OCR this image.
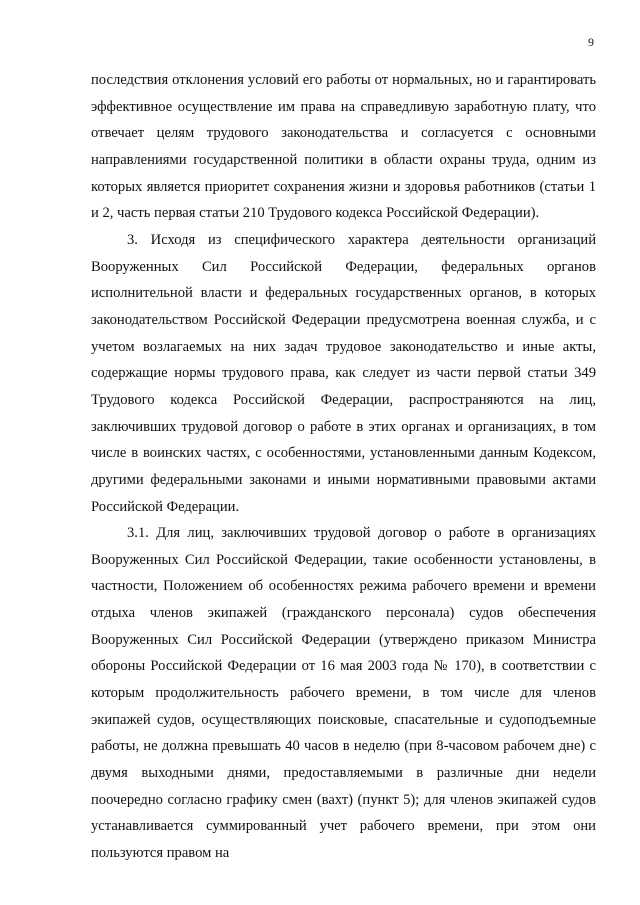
9

последствия отклонения условий его работы от нормальных, но и гарантировать эффективное осуществление им права на справедливую заработную плату, что отвечает целям трудового законодательства и согласуется с основными направлениями государственной политики в области охраны труда, одним из которых является приоритет сохранения жизни и здоровья работников (статьи 1 и 2, часть первая статьи 210 Трудового кодекса Российской Федерации).

3. Исходя из специфического характера деятельности организаций Вооруженных Сил Российской Федерации, федеральных органов исполнительной власти и федеральных государственных органов, в которых законодательством Российской Федерации предусмотрена военная служба, и с учетом возлагаемых на них задач трудовое законодательство и иные акты, содержащие нормы трудового права, как следует из части первой статьи 349 Трудового кодекса Российской Федерации, распространяются на лиц, заключивших трудовой договор о работе в этих органах и организациях, в том числе в воинских частях, с особенностями, установленными данным Кодексом, другими федеральными законами и иными нормативными правовыми актами Российской Федерации.

3.1. Для лиц, заключивших трудовой договор о работе в организациях Вооруженных Сил Российской Федерации, такие особенности установлены, в частности, Положением об особенностях режима рабочего времени и времени отдыха членов экипажей (гражданского персонала) судов обеспечения Вооруженных Сил Российской Федерации (утверждено приказом Министра обороны Российской Федерации от 16 мая 2003 года № 170), в соответствии с которым продолжительность рабочего времени, в том числе для членов экипажей судов, осуществляющих поисковые, спасательные и судоподъемные работы, не должна превышать 40 часов в неделю (при 8-часовом рабочем дне) с двумя выходными днями, предоставляемыми в различные дни недели поочередно согласно графику смен (вахт) (пункт 5); для членов экипажей судов устанавливается суммированный учет рабочего времени, при этом они пользуются правом на
